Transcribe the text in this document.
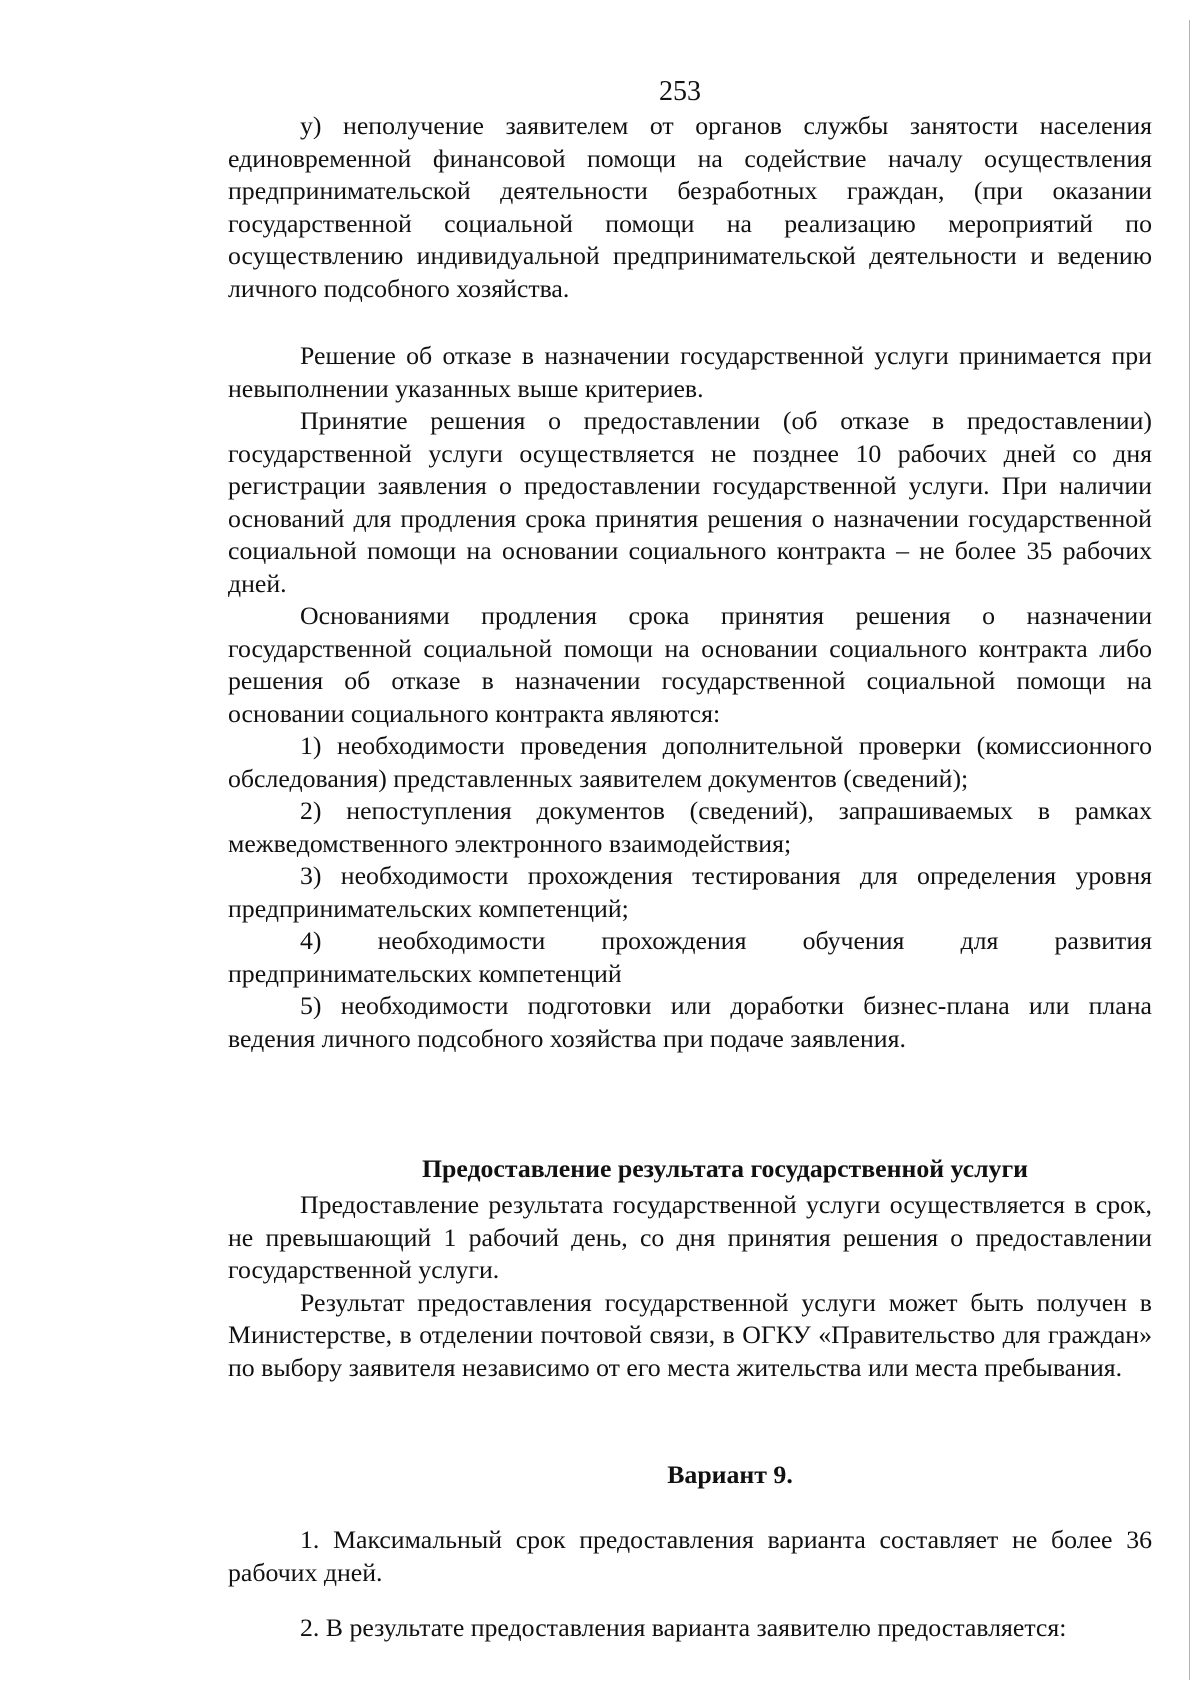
253

у) неполучение заявителем от органов службы занятости населения единовременной финансовой помощи на содействие началу осуществления предпринимательской деятельности безработных граждан, (при оказании государственной социальной помощи на реализацию мероприятий по осуществлению индивидуальной предпринимательской деятельности и ведению личного подсобного хозяйства.

Решение об отказе в назначении государственной услуги принимается при невыполнении указанных выше критериев.

Принятие решения о предоставлении (об отказе в предоставлении) государственной услуги осуществляется не позднее 10 рабочих дней со дня регистрации заявления о предоставлении государственной услуги. При наличии оснований для продления срока принятия решения о назначении государственной социальной помощи на основании социального контракта – не более 35 рабочих дней.

Основаниями продления срока принятия решения о назначении государственной социальной помощи на основании социального контракта либо решения об отказе в назначении государственной социальной помощи на основании социального контракта являются:

1) необходимости проведения дополнительной проверки (комиссионного обследования) представленных заявителем документов (сведений);

2) непоступления документов (сведений), запрашиваемых в рамках межведомственного электронного взаимодействия;

3) необходимости прохождения тестирования для определения уровня предпринимательских компетенций;

4) необходимости прохождения обучения для развития предпринимательских компетенций

5) необходимости подготовки или доработки бизнес-плана или плана ведения личного подсобного хозяйства при подаче заявления.

Предоставление результата государственной услуги

Предоставление результата государственной услуги осуществляется в срок, не превышающий 1 рабочий день, со дня принятия решения о предоставлении государственной услуги.

Результат предоставления государственной услуги может быть получен в Министерстве, в отделении почтовой связи, в ОГКУ «Правительство для граждан» по выбору заявителя независимо от его места жительства или места пребывания.

Вариант 9.

1. Максимальный срок предоставления варианта составляет не более 36 рабочих дней.

2. В результате предоставления варианта заявителю предоставляется:
